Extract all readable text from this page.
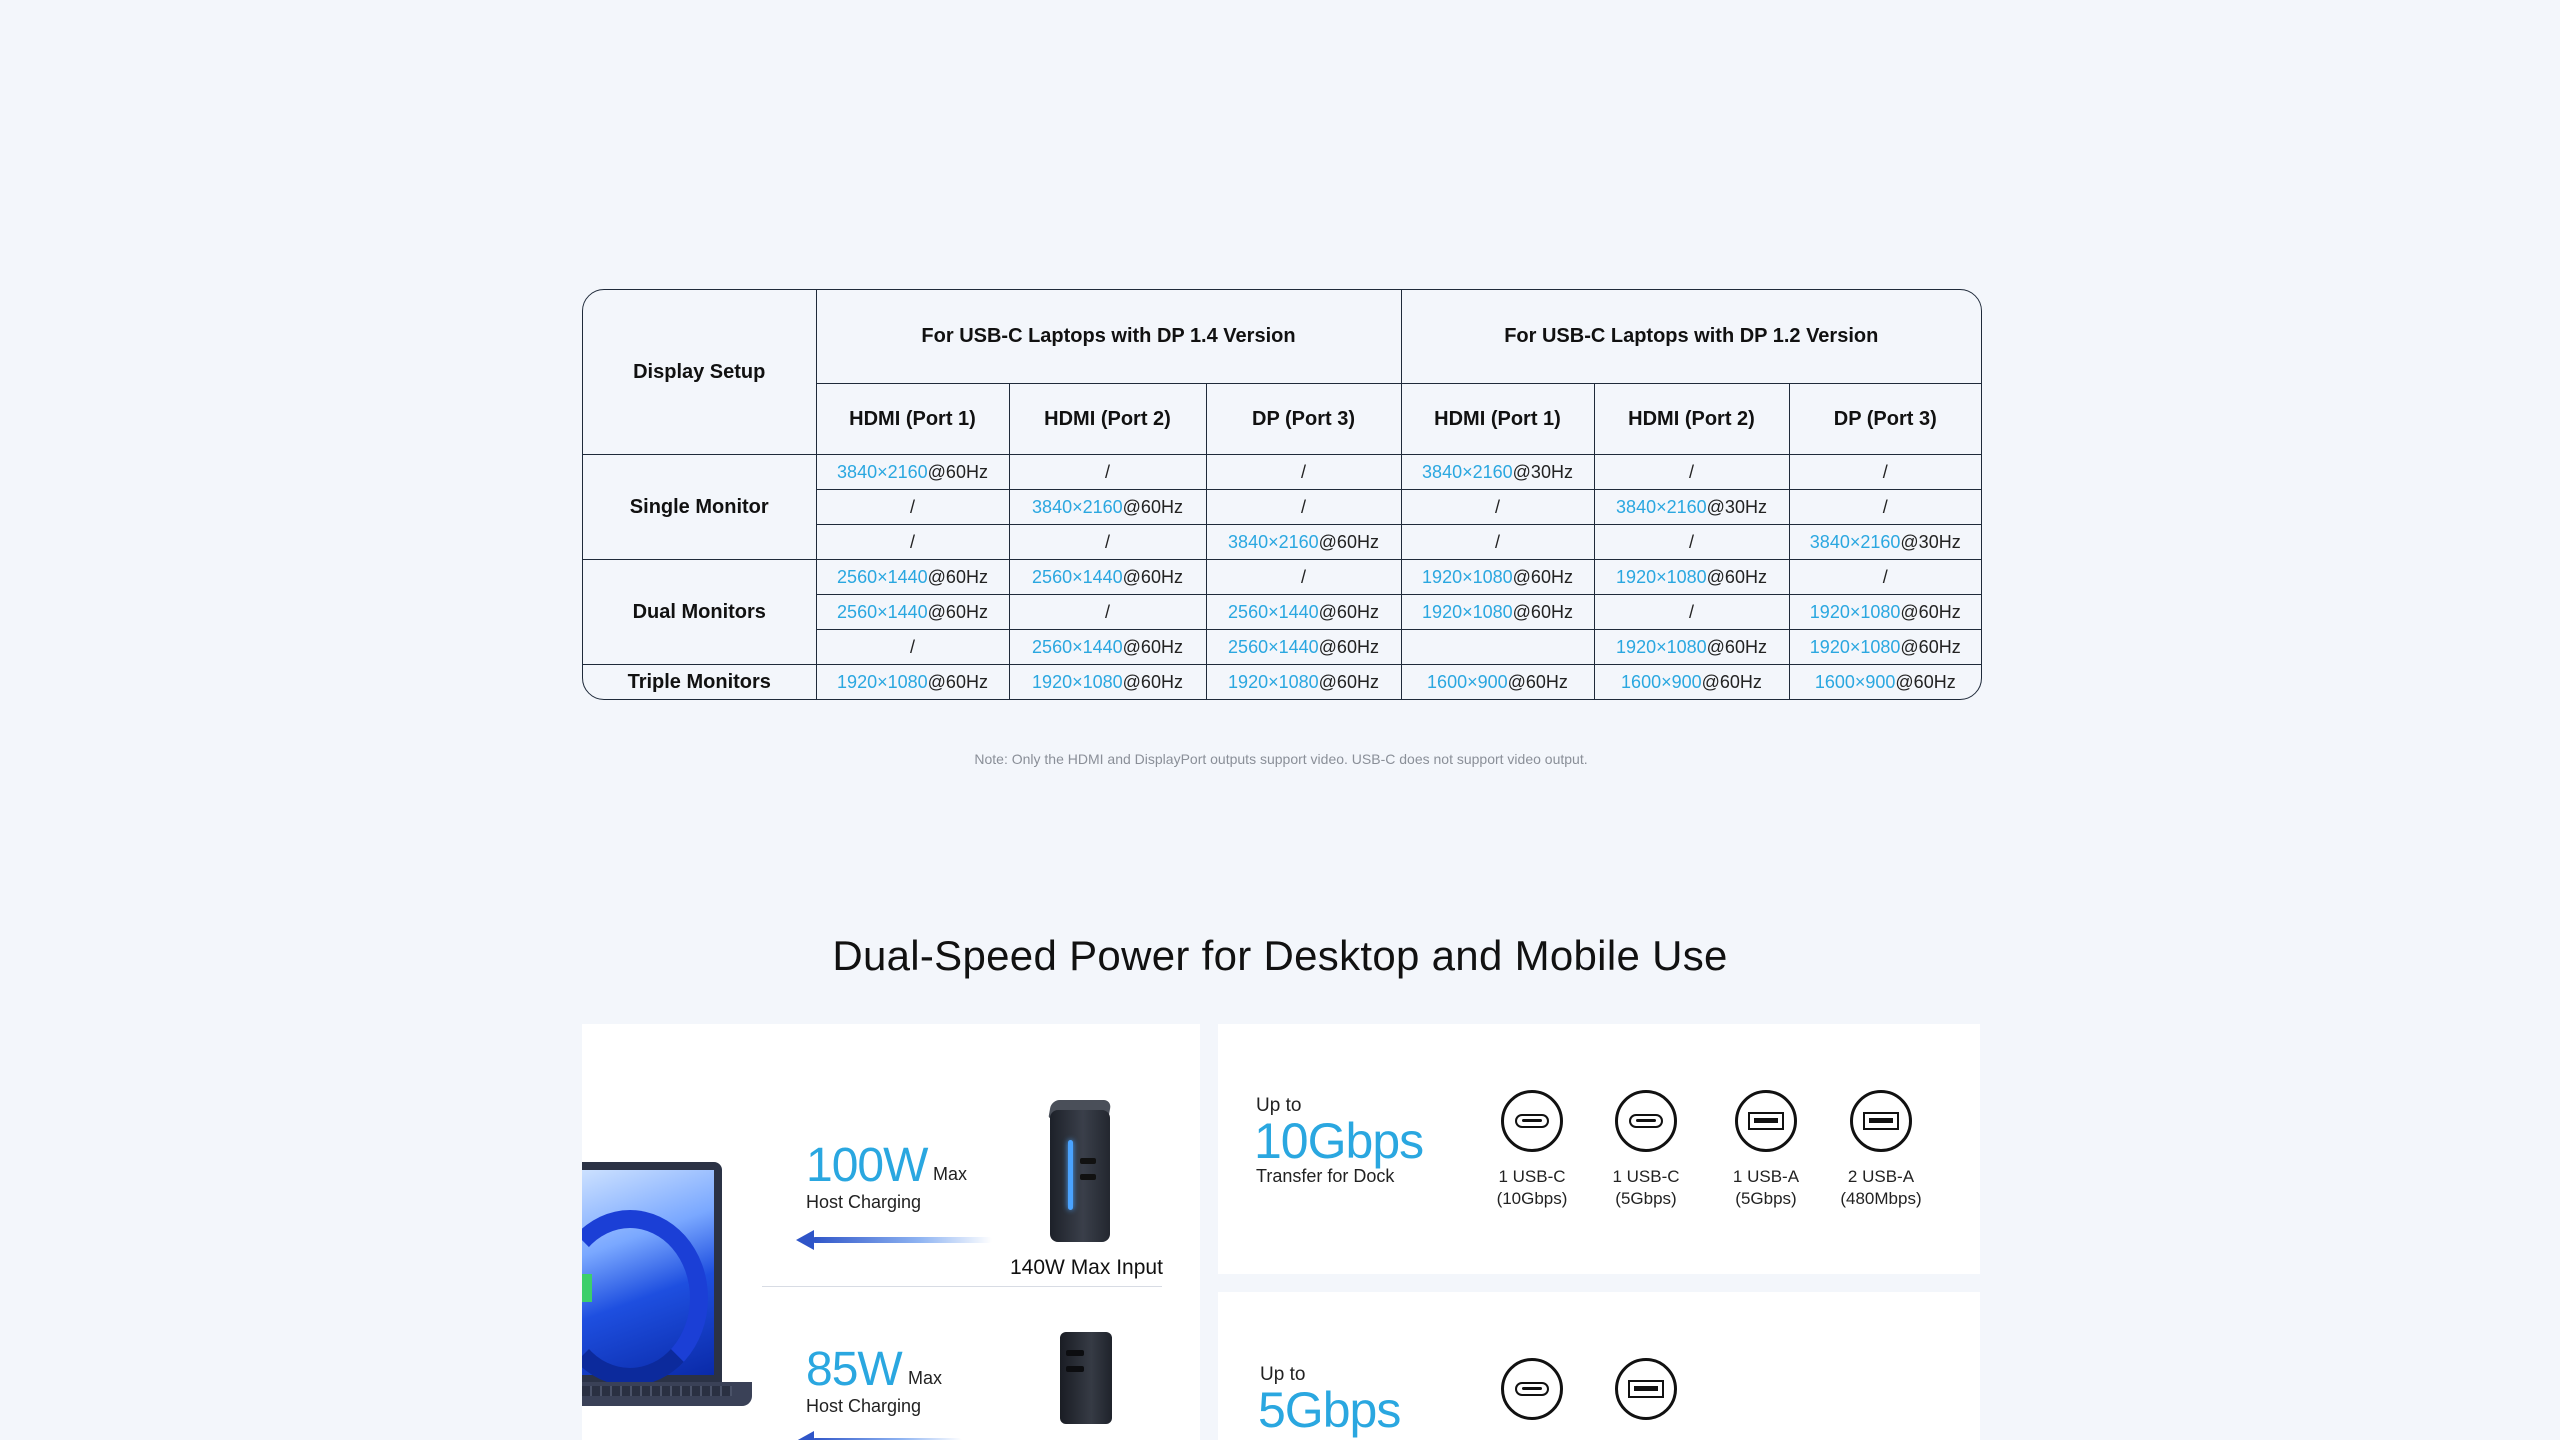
Display Setup	For USB-C Laptops with DP 1.4 Version			For USB-C Laptops with DP 1.2 Version		
	HDMI (Port 1)	HDMI (Port 2)	DP (Port 3)	HDMI (Port 1)	HDMI (Port 2)	DP (Port 3)
Single Monitor	3840×2160@60Hz	/	/	3840×2160@30Hz	/	/
	/	3840×2160@60Hz	/	/	3840×2160@30Hz	/
	/	/	3840×2160@60Hz	/	/	3840×2160@30Hz
Dual Monitors	2560×1440@60Hz	2560×1440@60Hz	/	1920×1080@60Hz	1920×1080@60Hz	/
	2560×1440@60Hz	/	2560×1440@60Hz	1920×1080@60Hz	/	1920×1080@60Hz
	/	2560×1440@60Hz	2560×1440@60Hz		1920×1080@60Hz	1920×1080@60Hz
Triple Monitors	1920×1080@60Hz	1920×1080@60Hz	1920×1080@60Hz	1600×900@60Hz	1600×900@60Hz	1600×900@60Hz
Note: Only the HDMI and DisplayPort outputs support video. USB-C does not support video output.
Dual-Speed Power for Desktop and Mobile Use
100W Max
Host Charging
140W Max Input
85W Max
Host Charging
Up to
10Gbps
Transfer for Dock	1 USB-C
(10Gbps)
1 USB-C
(5Gbps)
1 USB-A
(5Gbps)
2 USB-A
(480Mbps)
Up to
5Gbps
